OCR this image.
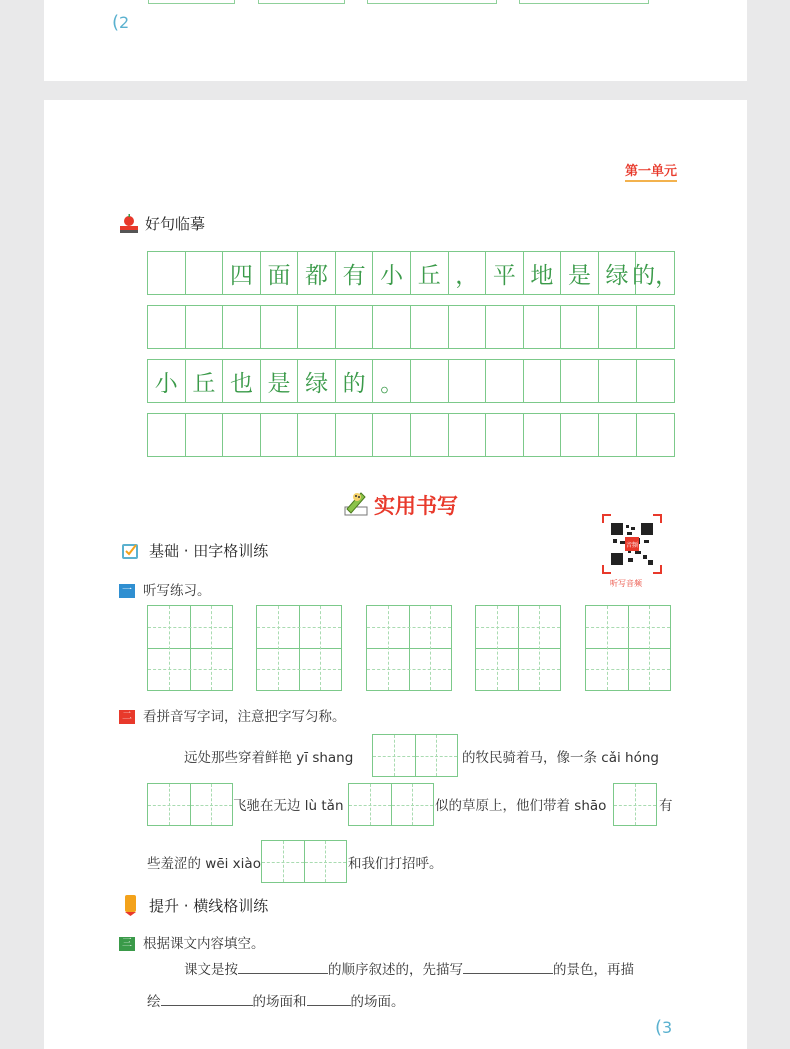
(2
第一单元
好句临摹
四 面 都 有 小 丘 ， 平 地 是 绿 的，
小 丘 也 是 绿 的 。
实用书写
音频
听写音频
基础 · 田字格训练
一 听写练习。
二 看拼音写字词，注意把字写匀称。
远处那些穿着鲜艳 yī shang	的牧民骑着马，像一条 cǎi hóng
飞驰在无边 lù tǎn	似的草原上，他们带着 shāo	有
些羞涩的 wēi xiào	和我们打招呼。
提升 · 横线格训练
三 根据课文内容填空。
课文是按	的顺序叙述的，先描写	的景色，再描
绘	的场面和	的场面。
(3
